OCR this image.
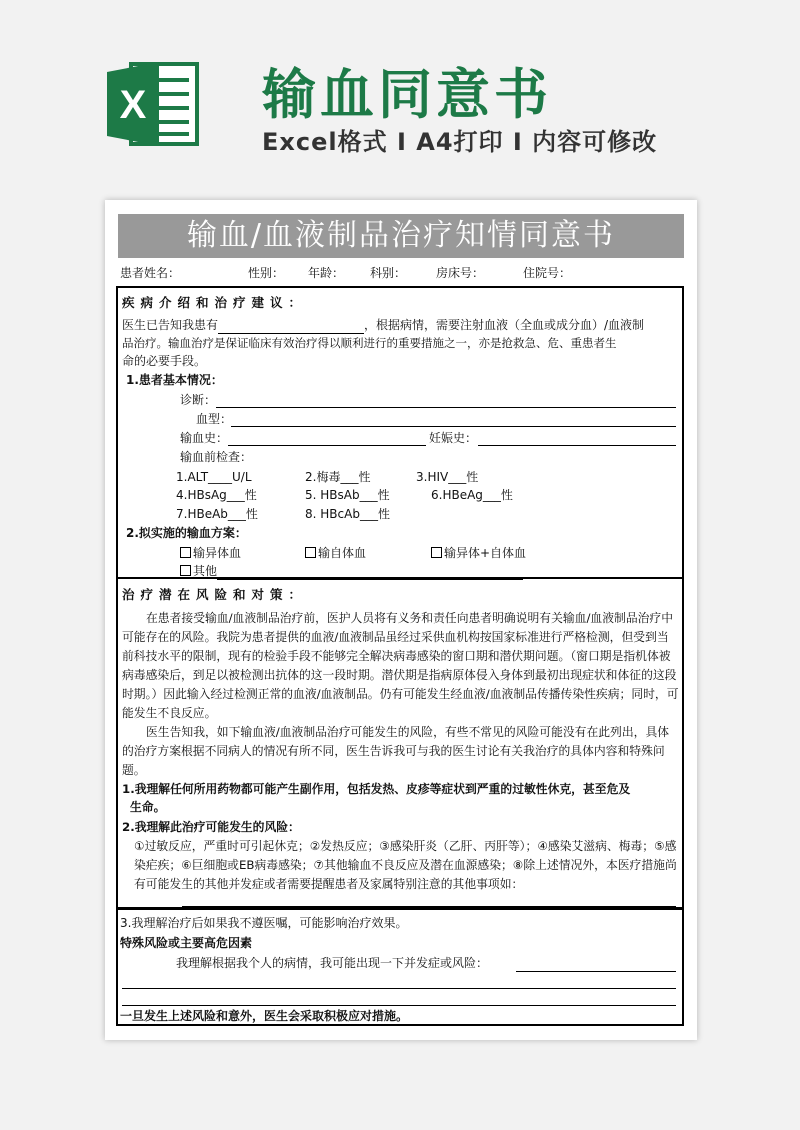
X 输血同意书
Excel格式 I A4打印 I 内容可修改
输血/血液制品治疗知情同意书
患者姓名：	性别： 年龄： 科别： 房床号：	住院号：
疾病介绍和治疗建议：
医生已告知我患有	，根据病情，需要注射血液（全血或成分血）/血液制
品治疗。输血治疗是保证临床有效治疗得以顺利进行的重要措施之一，亦是抢救急、危、重患者生
命的必要手段。
1.患者基本情况：
诊断：
血型：
输血史：	妊娠史：
输血前检查：
1.ALT____U/L	2.梅毒___性	3.HIV___性
4.HBsAg___性	5. HBsAb___性	6.HBeAg___性
7.HBeAb___性	8. HBcAb___性
2.拟实施的输血方案：
输异体血	输自体血	输异体+自体血
其他
治疗潜在风险和对策：
在患者接受输血/血液制品治疗前，医护人员将有义务和责任向患者明确说明有关输血/血液制品治疗中可能存在的风险。我院为患者提供的血液/血液制品虽经过采供血机构按国家标准进行严格检测，但受到当前科技水平的限制，现有的检验手段不能够完全解决病毒感染的窗口期和潜伏期问题。（窗口期是指机体被病毒感染后，到足以被检测出抗体的这一段时期。潜伏期是指病原体侵入身体到最初出现症状和体征的这段时期。）因此输入经过检测正常的血液/血液制品。仍有可能发生经血液/血液制品传播传染性疾病；同时，可能发生不良反应。
医生告知我，如下输血液/血液制品治疗可能发生的风险，有些不常见的风险可能没有在此列出，具体的治疗方案根据不同病人的情况有所不同，医生告诉我可与我的医生讨论有关我治疗的具体内容和特殊问题。
1.我理解任何所用药物都可能产生副作用，包括发热、皮疹等症状到严重的过敏性休克，甚至危及
生命。
2.我理解此治疗可能发生的风险：
①过敏反应，严重时可引起休克；②发热反应；③感染肝炎（乙肝、丙肝等）；④感染艾滋病、梅毒；⑤感染疟疾；⑥巨细胞或EB病毒感染；⑦其他输血不良反应及潜在血源感染；⑧除上述情况外，本医疗措施尚有可能发生的其他并发症或者需要提醒患者及家属特别注意的其他事项如：
3.我理解治疗后如果我不遵医嘱，可能影响治疗效果。
特殊风险或主要高危因素
我理解根据我个人的病情，我可能出现一下并发症或风险：
一旦发生上述风险和意外，医生会采取积极应对措施。
